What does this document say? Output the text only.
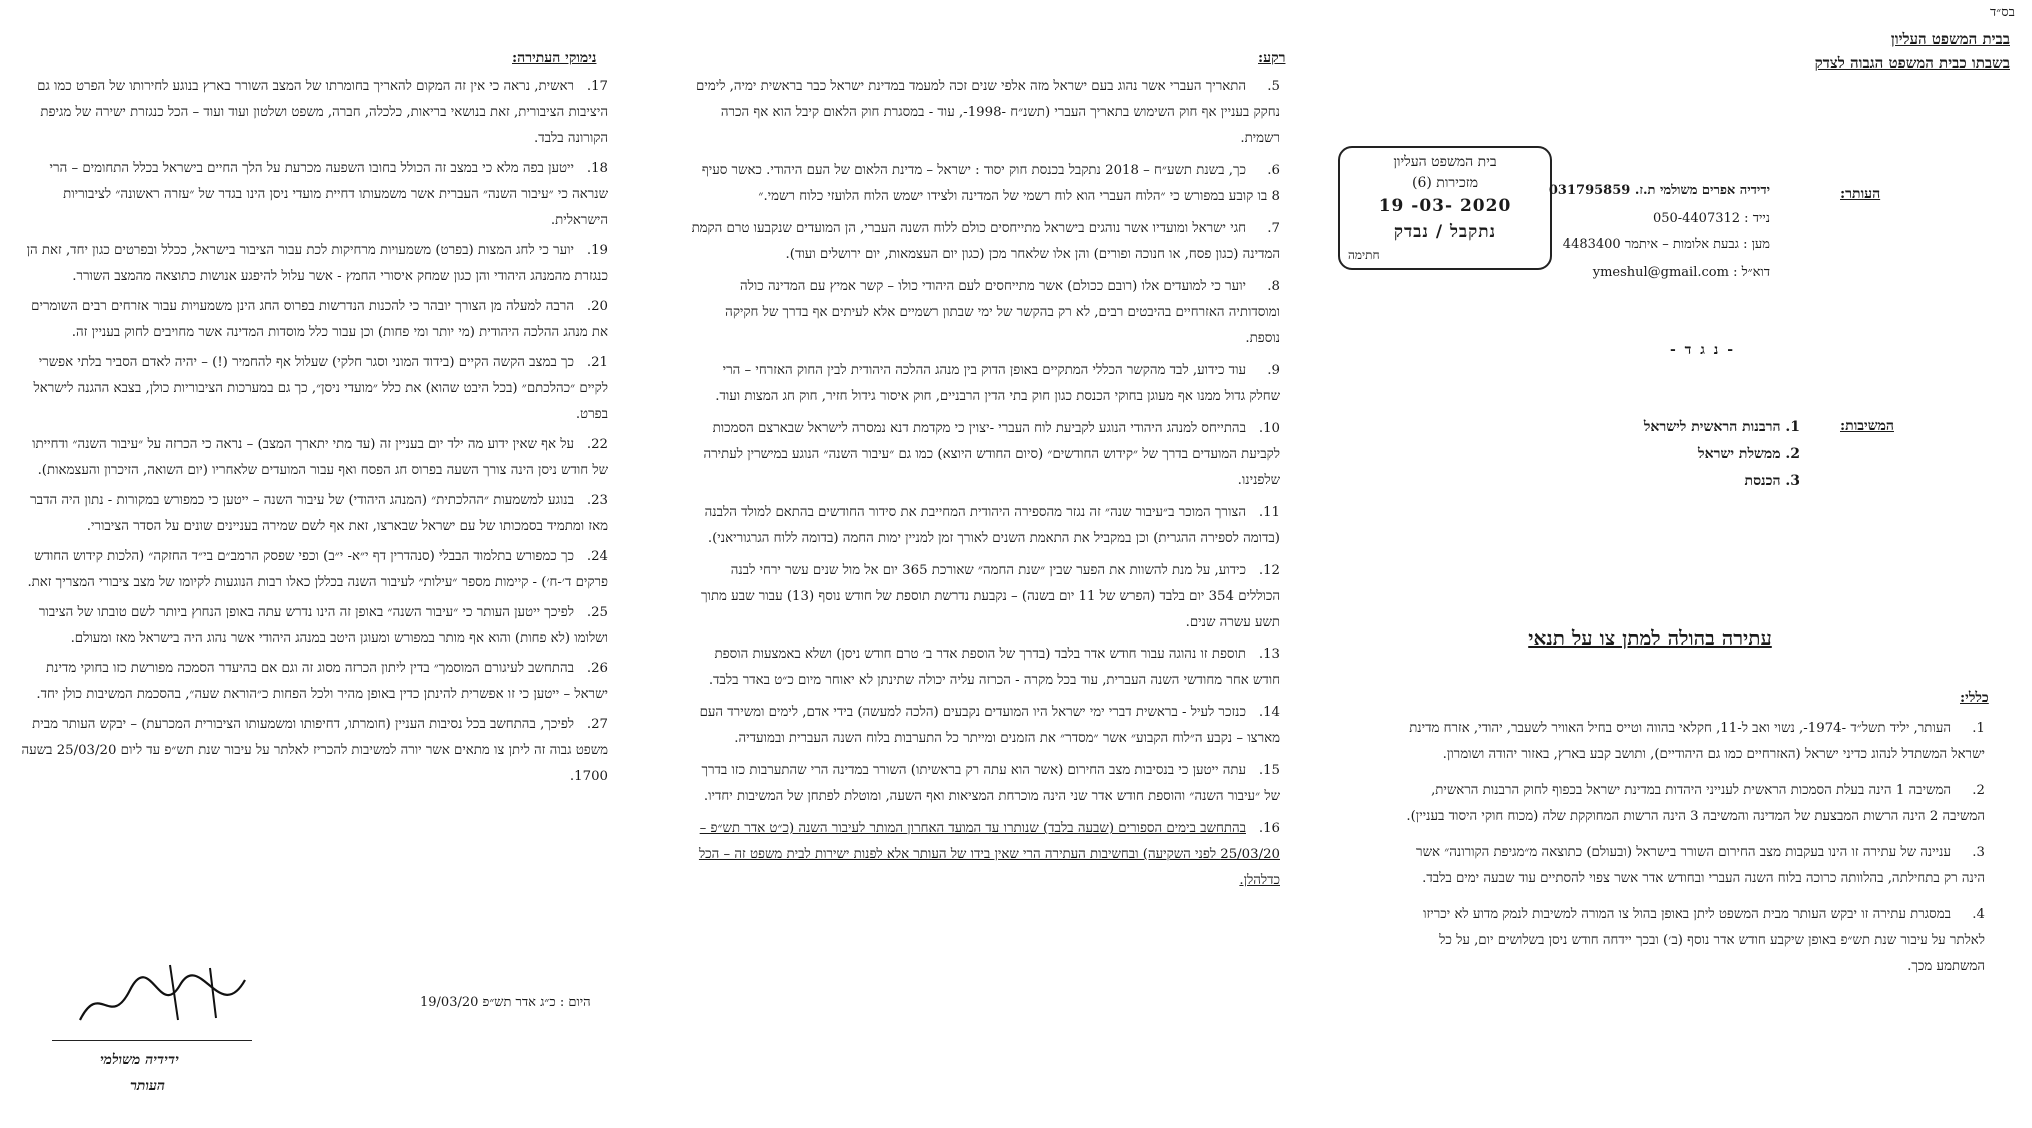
בס״ד
בבית המשפט העליון
בשבתו כבית המשפט הגבוה לצדק
בית המשפט העליון
מזכירות (6)
19 -03- 2020
נתקבל / נבדק
חתימה
העותר:
ידידיה אפרים משולמי ת.ז. 031795859
נייד : 050-4407312
מען : גבעת אלומות – איתמר 4483400
דוא״ל : ymeshul@gmail.com
- נ ג ד -
המשיבות:
1. הרבנות הראשית לישראל
2. ממשלת ישראל
3. הכנסת
עתירה בהולה למתן צו על תנאי
כללי:

1.העותר, יליד תשל״ד -1974-, נשוי ואב ל-11, חקלאי בהווה וטייס בחיל האוויר לשעבר, יהודי, אזרח מדינת ישראל המשתדל לנהוג כדיני ישראל (האזרחיים כמו גם היהודיים), ותושב קבע בארץ, באזור יהודה ושומרון.

2.המשיבה 1 הינה בעלת הסמכות הראשית לענייני היהדות במדינת ישראל בכפוף לחוק הרבנות הראשית, המשיבה 2 הינה הרשות המבצעת של המדינה והמשיבה 3 הינה הרשות המחוקקת שלה (מכוח חוקי היסוד בעניין).

3.עניינה של עתירה זו הינו בעקבות מצב החירום השורר בישראל (ובעולם) כתוצאה מ״מגיפת הקורונה״ אשר הינה רק בתחילתה, בהלוותה כרוכה בלוח השנה העברי ובחודש אדר אשר צפוי להסתיים עוד שבעה ימים בלבד.

4.במסגרת עתירה זו יבקש העותר מבית המשפט ליתן באופן בהול צו המורה למשיבות לנמק מדוע לא יכריזו לאלתר על עיבור שנת תש״פ באופן שיקבע חודש אדר נוסף (ב׳) ובכך יידחה חודש ניסן בשלושים יום, על כל המשתמע מכך.

רקע:

5.התאריך העברי אשר נהוג בעם ישראל מזה אלפי שנים זכה למעמד במדינת ישראל כבר בראשית ימיה, לימים נחקק בעניין אף חוק השימוש בתאריך העברי (תשנ״ח -1998-, עוד - במסגרת חוק הלאום קיבל הוא אף הכרה רשמית.

6.כך, בשנת תשע״ח – 2018 נתקבל בכנסת חוק יסוד : ישראל – מדינת הלאום של העם היהודי. כאשר סעיף 8 בו קובע במפורש כי ״הלוח העברי הוא לוח רשמי של המדינה ולצידו ישמש הלוח הלועזי כלוח רשמי.״

7.חגי ישראל ומועדיו אשר נוהגים בישראל מתייחסים כולם ללוח השנה העברי, הן המועדים שנקבעו טרם הקמת המדינה (כגון פסח, או חנוכה ופורים) והן אלו שלאחר מכן (כגון יום העצמאות, יום ירושלים ועוד).

8.יוער כי למועדים אלו (רובם ככולם) אשר מתייחסים לעם היהודי כולו – קשר אמיץ עם המדינה כולה ומוסדותיה האזרחיים בהיבטים רבים, לא רק בהקשר של ימי שבתון רשמיים אלא לעיתים אף בדרך של חקיקה נוספת.

9.עוד כידוע, לבד מהקשר הכללי המתקיים באופן הדוק בין מנהג ההלכה היהודית לבין החוק האזרחי – הרי שחלק גדול ממנו אף מעוגן בחוקי הכנסת כגון חוק בתי הדין הרבניים, חוק איסור גידול חזיר, חוק חג המצות ועוד.

10.בהתייחס למנהג היהודי הנוגע לקביעת לוח העברי -יצוין כי מקדמת דנא נמסרה לישראל שבארצם הסמכות לקביעת המועדים בדרך של ״קידוש החודשים״ (סיום החודש היוצא) כמו גם ״עיבור השנה״ הנוגע במישרין לעתירה שלפנינו.

11.הצורך המוכר ב״עיבור שנה״ זה נגזר מהספירה היהודית המחייבת את סידור החודשים בהתאם למולד הלבנה (בדומה לספירה ההגרית) וכן במקביל את התאמת השנים לאורך זמן למניין ימות החמה (בדומה ללוח הגרגוריאני).

12.כידוע, על מנת להשוות את הפער שבין ״שנת החמה״ שאורכת 365 יום אל מול שנים עשר ירחי לבנה הכוללים 354 יום בלבד (הפרש של 11 יום בשנה) – נקבעת נדרשת תוספת של חודש נוסף (13) עבור שבע מתוך תשע עשרה שנים.

13.תוספת זו נהוגה עבור חודש אדר בלבד (בדרך של הוספת אדר ב׳ טרם חודש ניסן) ושלא באמצעות הוספת חודש אחר מחודשי השנה העברית, עוד בכל מקרה - הכרזה עליה יכולה שתינתן לא יאוחר מיום כ״ט באדר בלבד.

14.כנזכר לעיל - בראשית דברי ימי ישראל היו המועדים נקבעים (הלכה למעשה) בידי אדם, לימים ומשירד העם מארצו – נקבע ה״לוח הקבוע״ אשר ״מסדר״ את הזמנים ומייתר כל התערבות בלוח השנה העברית ובמועדיה.

15.עתה ייטען כי בנסיבות מצב החירום (אשר הוא עתה רק בראשיתו) השורר במדינה הרי שהתערבות כזו בדרך של ״עיבור השנה״ והוספת חודש אדר שני הינה מוכרחת המציאות ואף השעה, ומוטלת לפתחן של המשיבות יחדיו.

16.בהתחשב בימים הספורים (שבעה בלבד) שנותרו עד המועד האחרון המותר לעיבור השנה (כ״ט אדר תש״פ – 25/03/20 לפני השקיעה) ובחשיבות העתירה הרי שאין בידו של העותר אלא לפנות ישירות לבית משפט זה – הכל כדלהלן.

נימוקי העתירה:

17.ראשית, נראה כי אין זה המקום להאריך בחומרתו של המצב השורר בארץ בנוגע לחירותו של הפרט כמו גם היציבות הציבורית, זאת בנושאי בריאות, כלכלה, חברה, משפט ושלטון ועוד ועוד – הכל כנגזרת ישירה של מגיפת הקורונה בלבד.

18.ייטען בפה מלא כי במצב זה הכולל בחובו השפעה מכרעת על הלך החיים בישראל בכלל התחומים – הרי שנראה כי ״עיבור השנה״ העברית אשר משמעותו דחיית מועדי ניסן הינו בגדר של ״עזרה ראשונה״ לציבוריות הישראלית.

19.יוער כי לחג המצות (בפרט) משמעויות מרחיקות לכת עבור הציבור בישראל, ככלל ובפרטים כגון יחד, זאת הן כנגזרת מהמנהג היהודי והן כגון שמחק איסורי החמץ - אשר עלול להיפגע אנושות כתוצאה מהמצב השורר.

20.הרבה למעלה מן הצורך יובהר כי להכנות הנדרשות בפרוס החג הינן משמעויות עבור אזרחים רבים השומרים את מנהג ההלכה היהודית (מי יותר ומי פחות) וכן עבור כלל מוסדות המדינה אשר מחויבים לחוק בעניין זה.

21.כך במצב הקשה הקיים (בידוד המוני וסגר חלקי) שעלול אף להחמיר (!) – יהיה לאדם הסביר בלתי אפשרי לקיים ״כהלכתם״ (בכל היבט שהוא) את כלל ״מועדי ניסן״, כך גם במערכות הציבוריות כולן, בצבא ההגנה לישראל בפרט.

22.על אף שאין ידוע מה ילד יום בעניין זה (עד מתי יתארך המצב) – נראה כי הכרזה על ״עיבור השנה״ ודחייתו של חודש ניסן הינה צורך השעה בפרוס חג הפסח ואף עבור המועדים שלאחריו (יום השואה, הזיכרון והעצמאות).

23.בנוגע למשמעות ״ההלכתית״ (המנהג היהודי) של עיבור השנה – ייטען כי כמפורש במקורות - נתון היה הדבר מאז ומתמיד בסמכותו של עם ישראל שבארצו, זאת אף לשם שמירה בעניינים שונים על הסדר הציבורי.

24.כך כמפורש בתלמוד הבבלי (סנהדרין דף י״א- י״ב) וכפי שפסק הרמב״ם בי״ד החזקה״ (הלכות קידוש החודש פרקים ד׳-ח׳) - קיימות מספר ״עילות״ לעיבור השנה בכללן כאלו רבות הנוגעות לקיומו של מצב ציבורי המצריך זאת.

25.לפיכך ייטען העותר כי ״עיבור השנה״ באופן זה הינו נדרש עתה באופן הנחוץ ביותר לשם טובתו של הציבור ושלומו (לא פחות) והוא אף מותר במפורש ומעוגן היטב במנהג היהודי אשר נהוג היה בישראל מאז ומעולם.

26.בהתחשב לעיגורם המוסמך״ בדין ליתון הכרזה מסוג זה וגם אם בהיעדר הסמכה מפורשת כזו בחוקי מדינת ישראל – ייטען כי זו אפשרית להינתן כדין באופן מהיר ולכל הפחות כ״הוראת שעה״, בהסכמת המשיבות כולן יחד.

27.לפיכך, בהתחשב בכל נסיבות העניין (חומרתו, דחיפותו ומשמעותו הציבורית המכרעת) – יבקש העותר מבית משפט גבוה זה ליתן צו מתאים אשר יורה למשיבות להכריז לאלתר על עיבור שנת תש״פ עד ליום 25/03/20 בשעה 1700.

היום : כ״ג אדר תש״פ 19/03/20
ידידיה משולמי
העותר
